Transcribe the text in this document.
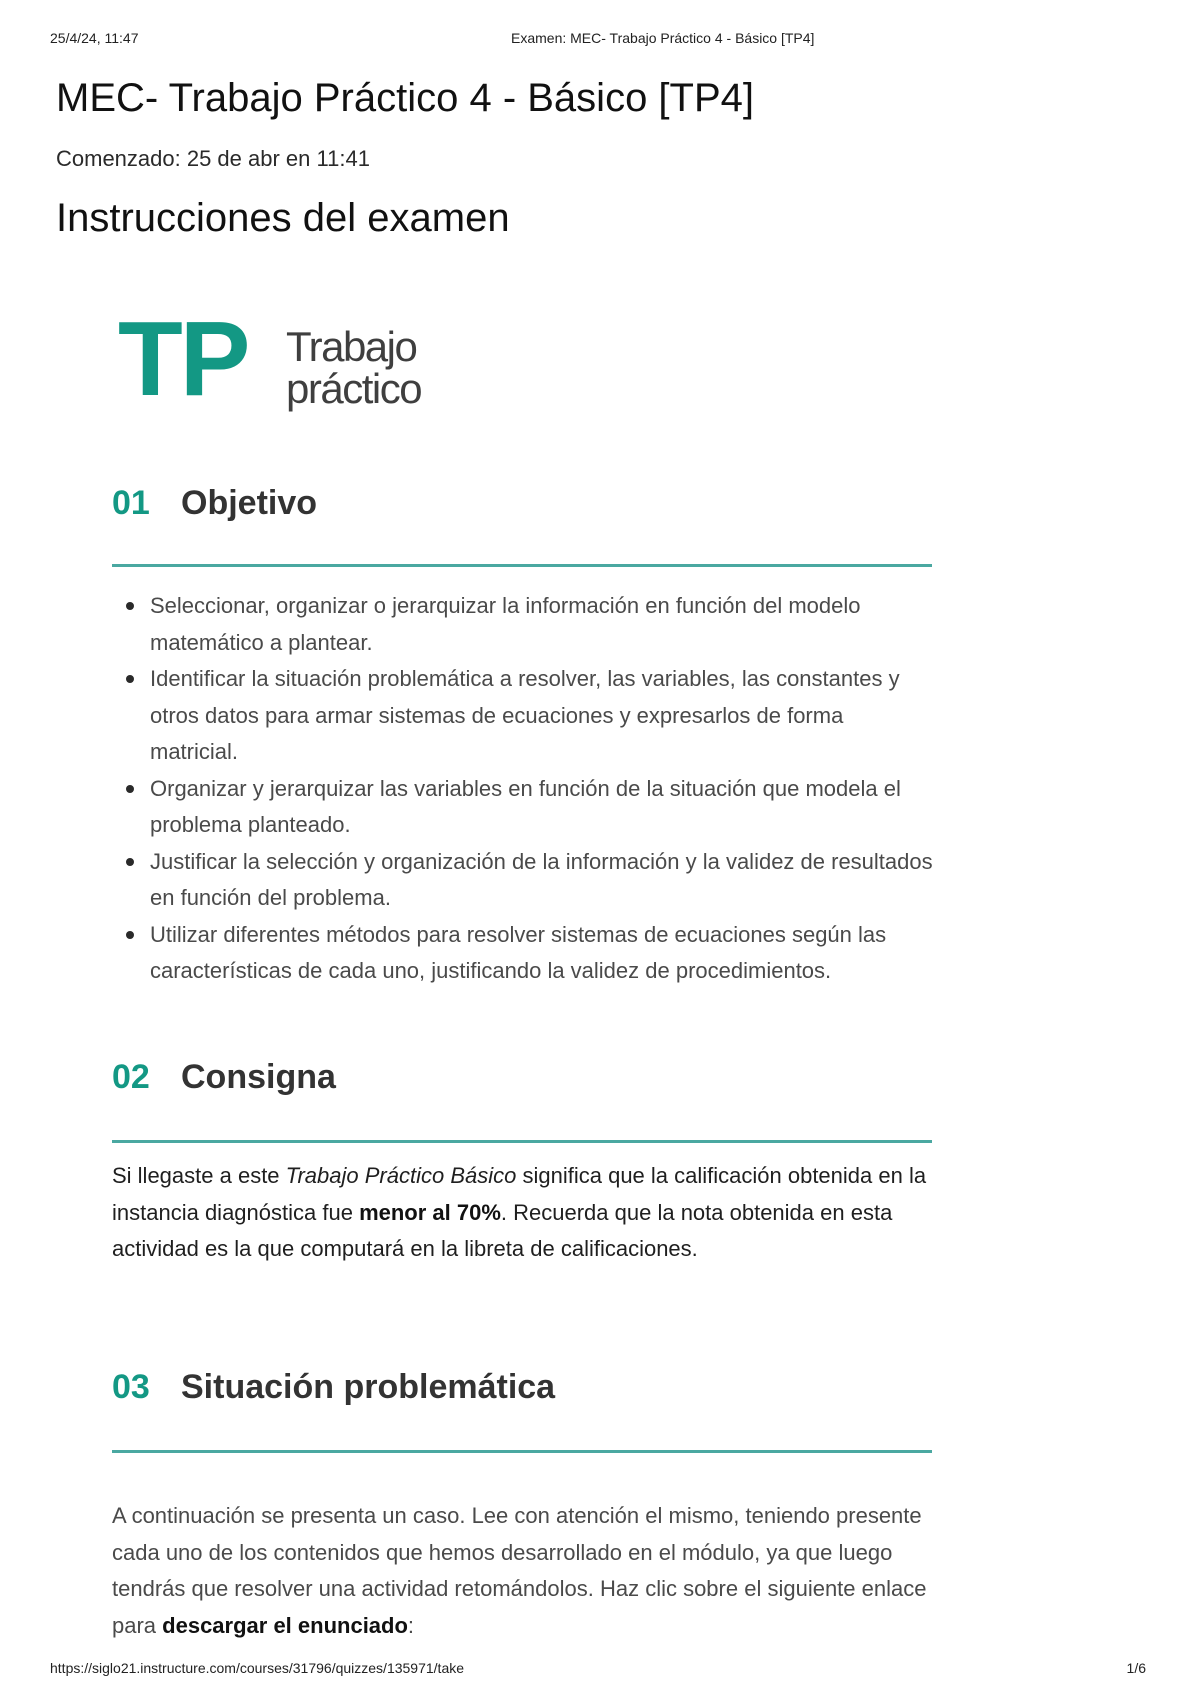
25/4/24, 11:47	Examen: MEC- Trabajo Práctico 4 - Básico [TP4]
MEC- Trabajo Práctico 4 - Básico [TP4]
Comenzado: 25 de abr en 11:41
Instrucciones del examen
TP Trabajo
práctico
01 Objetivo
Seleccionar, organizar o jerarquizar la información en función del modelo matemático a plantear.
Identificar la situación problemática a resolver, las variables, las constantes y otros datos para armar sistemas de ecuaciones y expresarlos de forma matricial.
Organizar y jerarquizar las variables en función de la situación que modela el problema planteado.
Justificar la selección y organización de la información y la validez de resultados en función del problema.
Utilizar diferentes métodos para resolver sistemas de ecuaciones según las características de cada uno, justificando la validez de procedimientos.
02 Consigna

Si llegaste a este Trabajo Práctico Básico significa que la calificación obtenida en la instancia diagnóstica fue menor al 70%. Recuerda que la nota obtenida en esta actividad es la que computará en la libreta de calificaciones.

03 Situación problemática

A continuación se presenta un caso. Lee con atención el mismo, teniendo presente cada uno de los contenidos que hemos desarrollado en el módulo, ya que luego tendrás que resolver una actividad retomándolos. Haz clic sobre el siguiente enlace para descargar el enunciado:

https://siglo21.instructure.com/courses/31796/quizzes/135971/take	1/6
